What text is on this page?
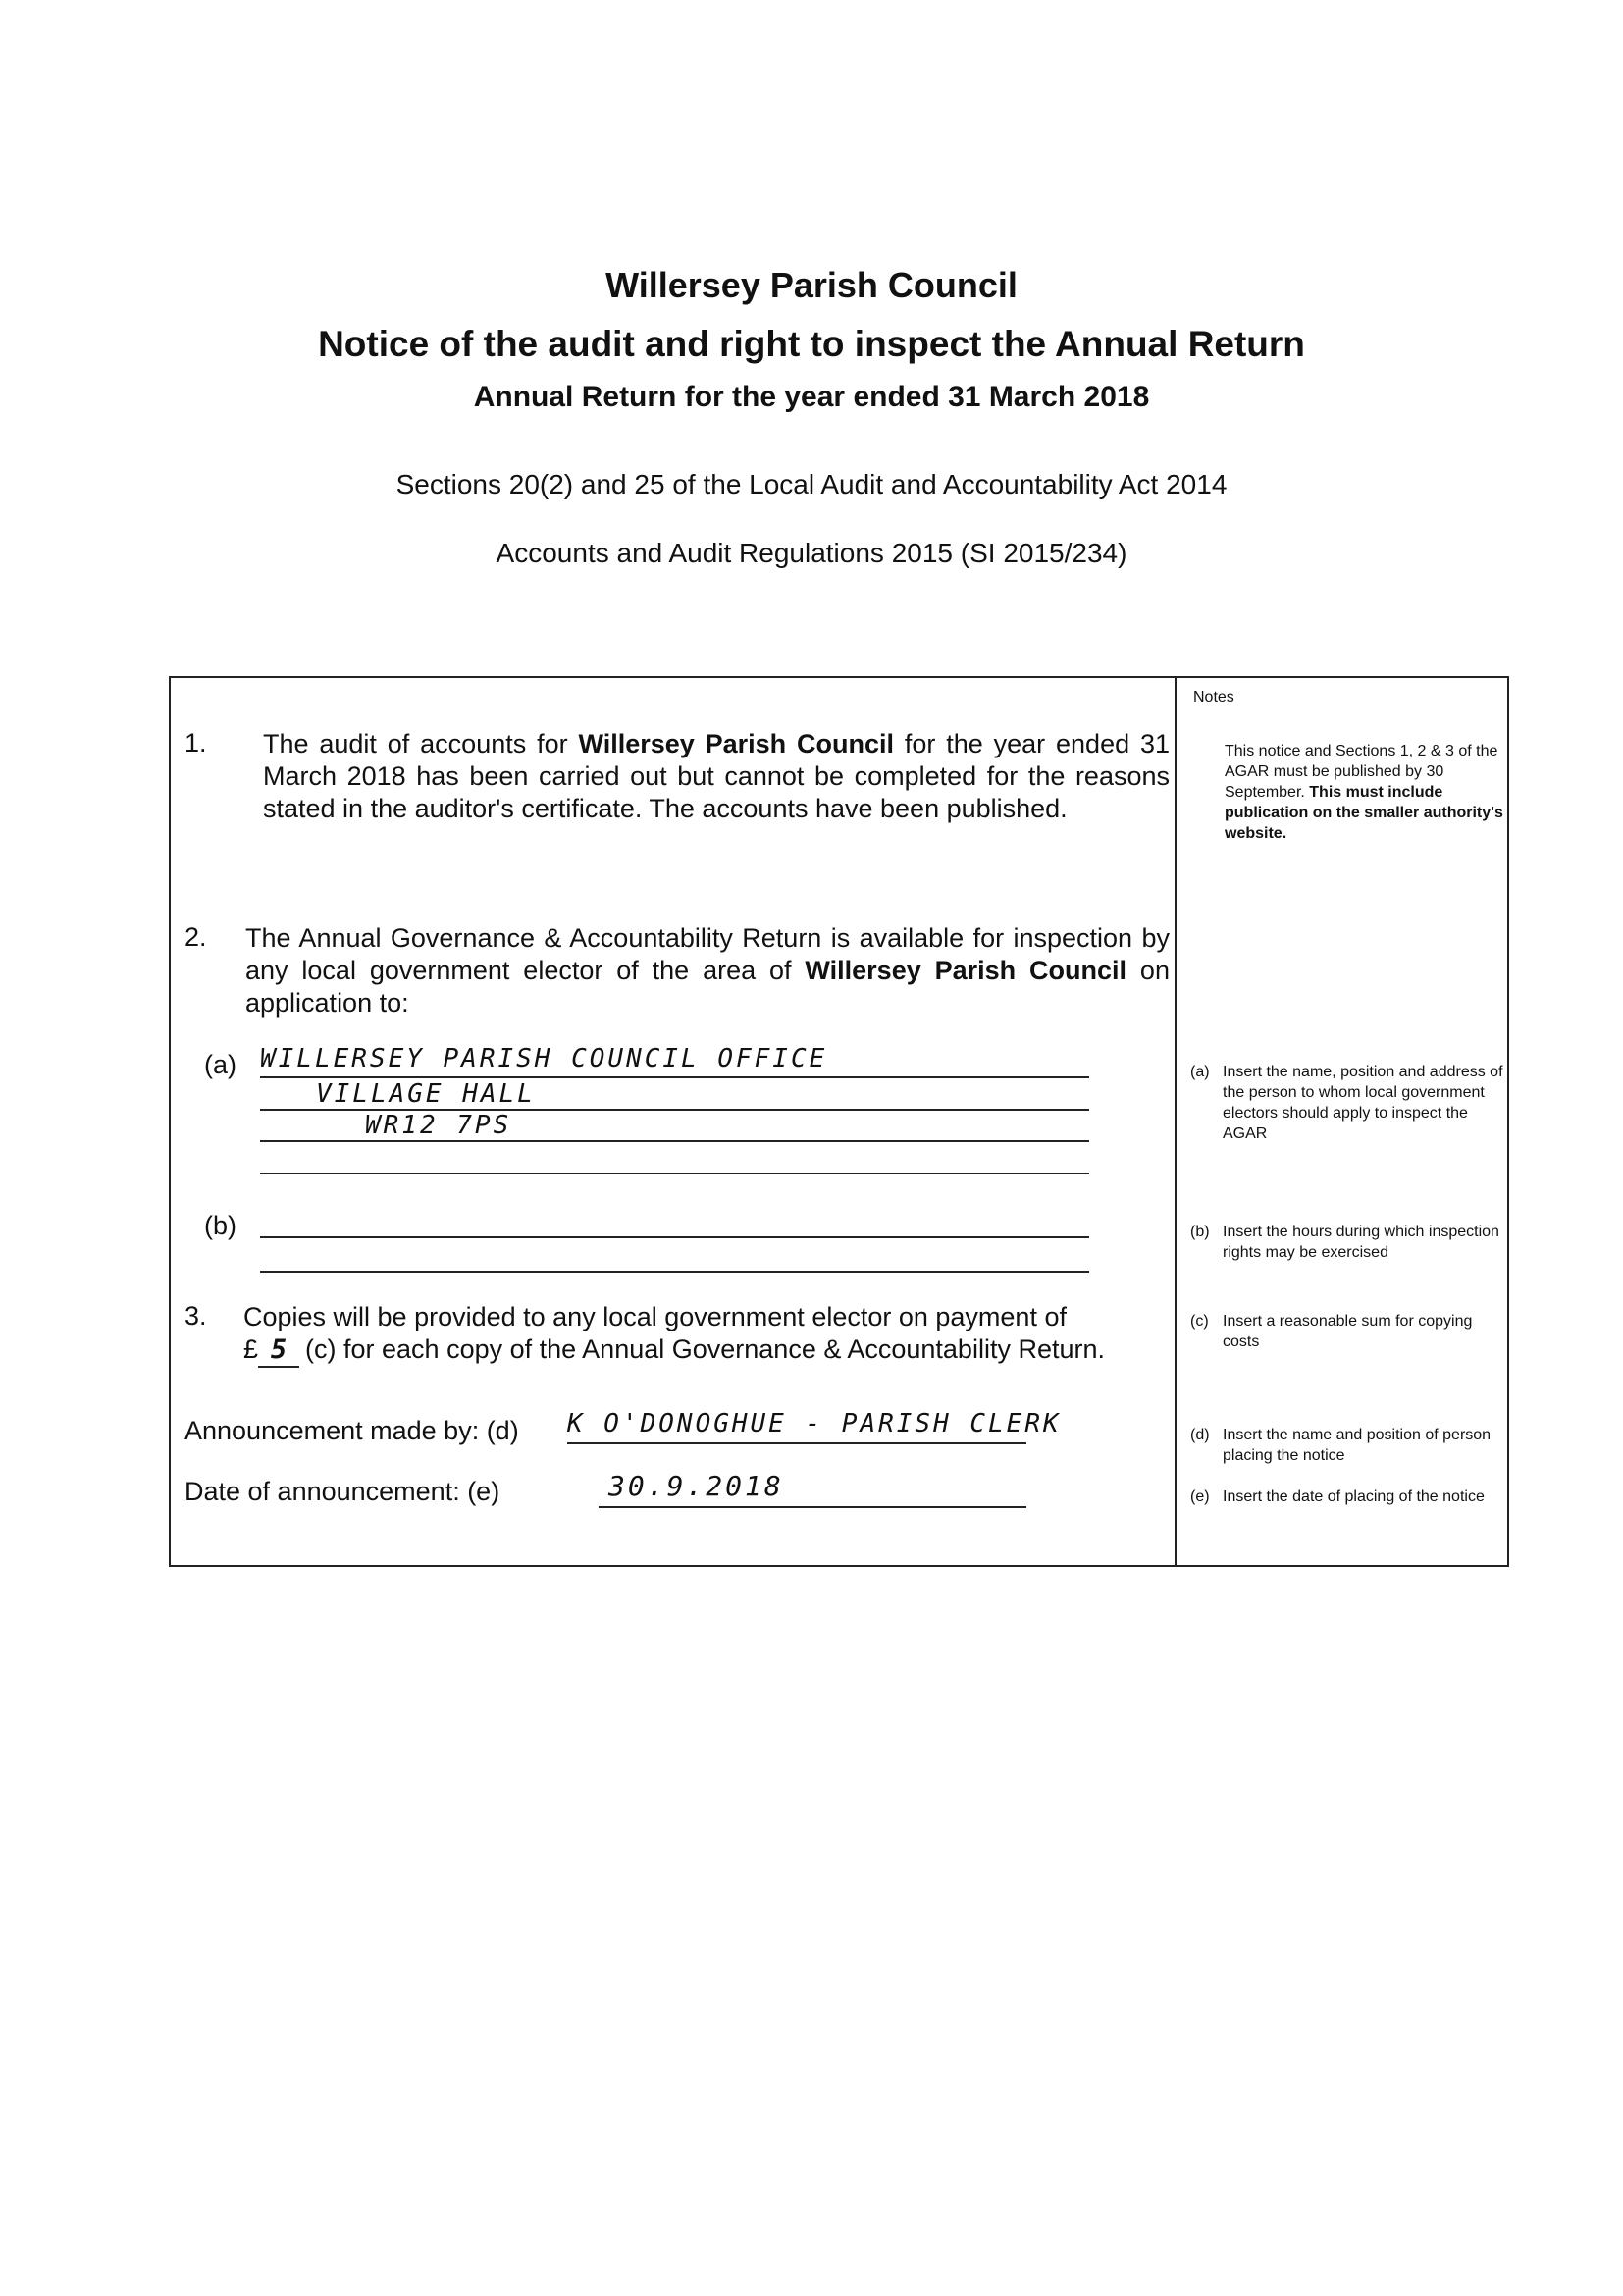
Willersey Parish Council
Notice of the audit and right to inspect the Annual Return
Annual Return for the year ended 31 March 2018
Sections 20(2) and 25 of the Local Audit and Accountability Act 2014
Accounts and Audit Regulations 2015 (SI 2015/234)
1. The audit of accounts for Willersey Parish Council for the year ended 31 March 2018 has been carried out but cannot be completed for the reasons stated in the auditor's certificate. The accounts have been published.
2. The Annual Governance & Accountability Return is available for inspection by any local government elector of the area of Willersey Parish Council on application to:
(a) WILLERSEY PARISH COUNCIL OFFICE
VILLAGE HALL
WR12 7PS
(b)
3. Copies will be provided to any local government elector on payment of
£ 5 (c) for each copy of the Annual Governance & Accountability Return.
Announcement made by: (d) K O'DONOGHUE - PARISH CLERK
Date of announcement: (e)	30.9.2018
Notes
This notice and Sections 1, 2 & 3 of the AGAR must be published by 30 September. This must include publication on the smaller authority's website.
(a) Insert the name, position and address of the person to whom local government electors should apply to inspect the AGAR
(b) Insert the hours during which inspection rights may be exercised
(c) Insert a reasonable sum for copying costs
(d) Insert the name and position of person placing the notice
(e) Insert the date of placing of the notice
